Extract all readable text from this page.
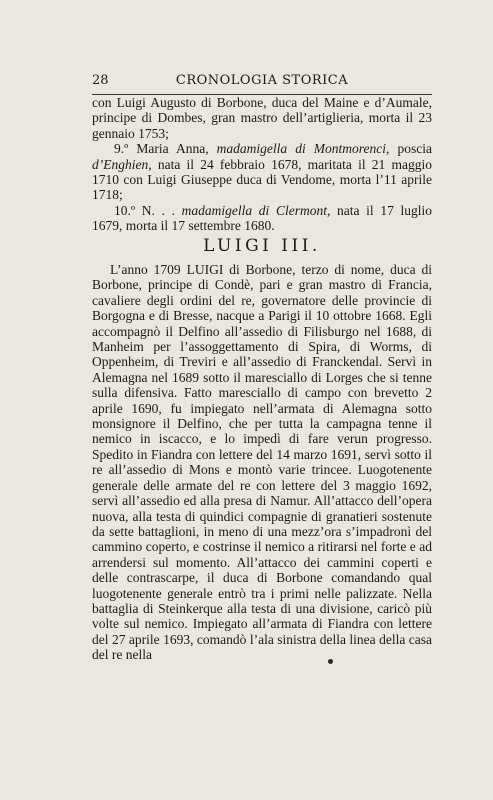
28	CRONOLOGIA STORICA

con Luigi Augusto di Borbone, duca del Maine e d’Aumale, principe di Dombes, gran mastro dell’artiglieria, morta il 23 gennaio 1753;

9.º Maria Anna, madamigella di Montmorenci, poscia d’Enghien, nata il 24 febbraio 1678, maritata il 21 maggio 1710 con Luigi Giuseppe duca di Vendome, morta l’11 aprile 1718;

10.º N. . . madamigella di Clermont, nata il 17 luglio 1679, morta il 17 settembre 1680.

LUIGI III.

L’anno 1709 LUIGI di Borbone, terzo di nome, duca di Borbone, principe di Condè, pari e gran mastro di Francia, cavaliere degli ordini del re, governatore delle provincie di Borgogna e di Bresse, nacque a Parigi il 10 ottobre 1668. Egli accompagnò il Delfino all’assedio di Filisburgo nel 1688, di Manheim per l’assoggettamento di Spira, di Worms, di Oppenheim, di Treviri e all’assedio di Franckendal. Servì in Alemagna nel 1689 sotto il maresciallo di Lorges che si tenne sulla difensiva. Fatto maresciallo di campo con brevetto 2 aprile 1690, fu impiegato nell’armata di Alemagna sotto monsignore il Delfino, che per tutta la campagna tenne il nemico in iscacco, e lo impedì di fare verun progresso. Spedito in Fiandra con lettere del 14 marzo 1691, servì sotto il re all’assedio di Mons e montò varie trincee. Luogotenente generale delle armate del re con lettere del 3 maggio 1692, servì all’assedio ed alla presa di Namur. All’attacco dell’opera nuova, alla testa di quindici compagnie di granatieri sostenute da sette battaglioni, in meno di una mezz’ora s’impadronì del cammino coperto, e costrinse il nemico a ritirarsi nel forte e ad arrendersi sul momento. All’attacco dei cammini coperti e delle contrascarpe, il duca di Borbone comandando qual luogotenente generale entrò tra i primi nelle palizzate. Nella battaglia di Steinkerque alla testa di una divisione, caricò più volte sul nemico. Impiegato all’armata di Fiandra con lettere del 27 aprile 1693, comandò l’ala sinistra della linea della casa del re nella
